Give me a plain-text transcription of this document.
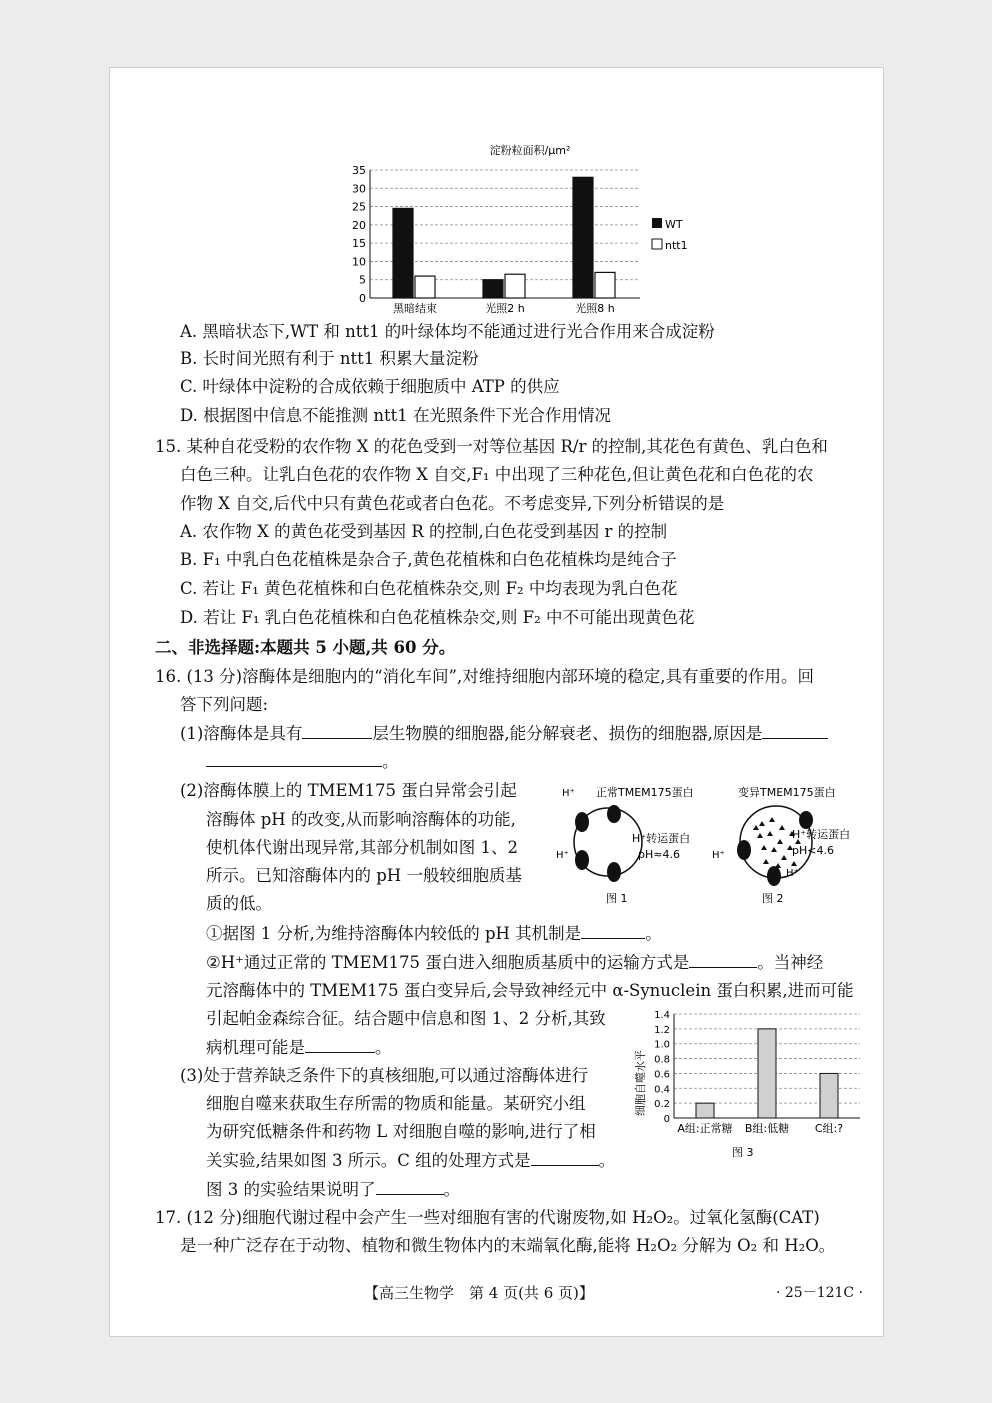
淀粉粒面积/μm²
35
30
25
20
15
10
5
0
黑暗结束	光照2 h	光照8 h
WT
ntt1
A. 黑暗状态下,WT 和 ntt1 的叶绿体均不能通过进行光合作用来合成淀粉
B. 长时间光照有利于 ntt1 积累大量淀粉
C. 叶绿体中淀粉的合成依赖于细胞质中 ATP 的供应
D. 根据图中信息不能推测 ntt1 在光照条件下光合作用情况
15. 某种自花受粉的农作物 X 的花色受到一对等位基因 R/r 的控制,其花色有黄色、乳白色和
白色三种。让乳白色花的农作物 X 自交,F₁ 中出现了三种花色,但让黄色花和白色花的农
作物 X 自交,后代中只有黄色花或者白色花。不考虑变异,下列分析错误的是
A. 农作物 X 的黄色花受到基因 R 的控制,白色花受到基因 r 的控制
B. F₁ 中乳白色花植株是杂合子,黄色花植株和白色花植株均是纯合子
C. 若让 F₁ 黄色花植株和白色花植株杂交,则 F₂ 中均表现为乳白色花
D. 若让 F₁ 乳白色花植株和白色花植株杂交,则 F₂ 中不可能出现黄色花
二、非选择题:本题共 5 小题,共 60 分。
16. (13 分)溶酶体是细胞内的“消化车间”,对维持细胞内部环境的稳定,具有重要的作用。回
答下列问题:
(1)溶酶体是具有	层生物膜的细胞器,能分解衰老、损伤的细胞器,原因是
。
(2)溶酶体膜上的 TMEM175 蛋白异常会引起
溶酶体 pH 的改变,从而影响溶酶体的功能,
使机体代谢出现异常,其部分机制如图 1、2
所示。已知溶酶体内的 pH 一般较细胞质基
质的低。
正常TMEM175蛋白
H⁺
H⁺转运蛋白
pH≈4.6
H⁺
图 1
变异TMEM175蛋白
H⁺转运蛋白
pH<4.6
H⁺
H⁺
图 2
①据图 1 分析,为维持溶酶体内较低的 pH 其机制是	。
②H⁺通过正常的 TMEM175 蛋白进入细胞质基质中的运输方式是	。当神经
元溶酶体中的 TMEM175 蛋白变异后,会导致神经元中 α-Synuclein 蛋白积累,进而可能
引起帕金森综合征。结合题中信息和图 1、2 分析,其致
病机理可能是	。
(3)处于营养缺乏条件下的真核细胞,可以通过溶酶体进行
细胞自噬来获取生存所需的物质和能量。某研究小组
为研究低糖条件和药物 L 对细胞自噬的影响,进行了相
关实验,结果如图 3 所示。C 组的处理方式是	。
图 3 的实验结果说明了	。
细胞自噬水平
1.4
1.2
1.0
0.8
0.6
0.4
0.2
0
A组:正常糖 B组:低糖 C组:?
图 3
17. (12 分)细胞代谢过程中会产生一些对细胞有害的代谢废物,如 H₂O₂。过氧化氢酶(CAT)
是一种广泛存在于动物、植物和微生物体内的末端氧化酶,能将 H₂O₂ 分解为 O₂ 和 H₂O。
【高三生物学　第 4 页(共 6 页)】	· 25－121C ·
